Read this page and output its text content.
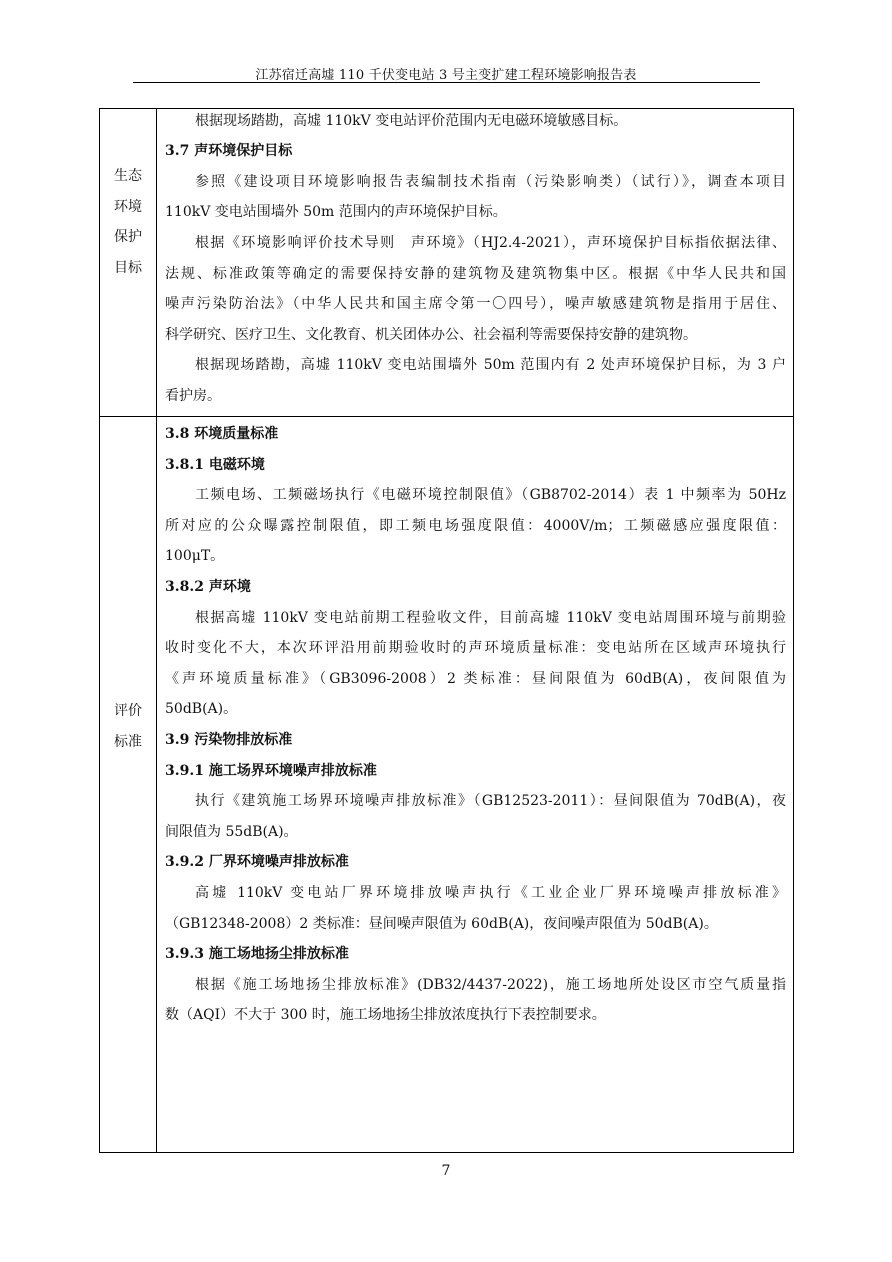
江苏宿迁高墟 110 千伏变电站 3 号主变扩建工程环境影响报告表
生态
环境
保护
目标
根据现场踏勘，高墟 110kV 变电站评价范围内无电磁环境敏感目标。
3.7 声环境保护目标
参照《建设项目环境影响报告表编制技术指南（污染影响类）（试行）》，调查本项目
110kV 变电站围墙外 50m 范围内的声环境保护目标。
根据《环境影响评价技术导则　声环境》（HJ2.4-2021），声环境保护目标指依据法律、
法规、标准政策等确定的需要保持安静的建筑物及建筑物集中区。根据《中华人民共和国
噪声污染防治法》（中华人民共和国主席令第一〇四号），噪声敏感建筑物是指用于居住、
科学研究、医疗卫生、文化教育、机关团体办公、社会福利等需要保持安静的建筑物。
根据现场踏勘，高墟 110kV 变电站围墙外 50m 范围内有 2 处声环境保护目标，为 3 户
看护房。
评价
标准
3.8 环境质量标准
3.8.1 电磁环境
工频电场、工频磁场执行《电磁环境控制限值》（GB8702-2014）表 1 中频率为 50Hz
所对应的公众曝露控制限值，即工频电场强度限值：4000V/m；工频磁感应强度限值：
100μT。
3.8.2 声环境
根据高墟 110kV 变电站前期工程验收文件，目前高墟 110kV 变电站周围环境与前期验
收时变化不大，本次环评沿用前期验收时的声环境质量标准：变电站所在区域声环境执行
《声环境质量标准》（GB3096-2008）2 类标准：昼间限值为 60dB(A)，夜间限值为
50dB(A)。
3.9 污染物排放标准
3.9.1 施工场界环境噪声排放标准
执行《建筑施工场界环境噪声排放标准》（GB12523-2011）：昼间限值为 70dB(A)，夜
间限值为 55dB(A)。
3.9.2 厂界环境噪声排放标准
高墟 110kV 变电站厂界环境排放噪声执行《工业企业厂界环境噪声排放标准》
（GB12348-2008）2 类标准：昼间噪声限值为 60dB(A)，夜间噪声限值为 50dB(A)。
3.9.3 施工场地扬尘排放标准
根据《施工场地扬尘排放标准》(DB32/4437-2022)，施工场地所处设区市空气质量指
数（AQI）不大于 300 时，施工场地扬尘排放浓度执行下表控制要求。
7
